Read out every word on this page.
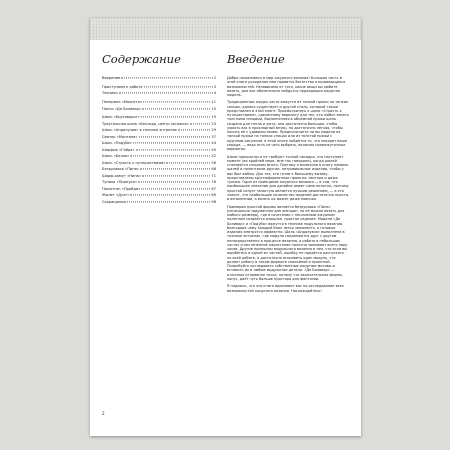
Содержание
Введение	2
Приступаем к работе	3
Техники	4
Пелерина «Мохитто»	11
Пончо «Де Боливар»	15
Шаль «Круговорот»	19
Треугольная шаль «Бесседа, центр затяжка»	23
Шаль «Андалузия» в технике энтрелак	29
Свитер «Монтана»	37
Шаль «Падуба»	44
Шарфик «Гейра»	50
Шаль «Белая»	52
Шаль «Страсть к путешествиям»	56
Безрукавка «Пина»	66
Шарф-хомут «Нина»	71
Туника «Прилуки»	78
Палантин «Пройди»	87
Жилет «Дуэт»	89
Сокращения	96
Введение

Добро пожаловать в мир ажурного вязания! Большая часть в этой книге рукоделия мне нравится богатство открывающихся возможностей. Независимо от того, какие вещи вы любите вязать, для вас обязательно найдутся подходящая ажурная модель.

Традиционные ажуры часто вяжутся из тонкой пряжи на тонких спицах, однако существует и другой стиль, который также представлен в этой книге. Присмотритесь к шали «Страсть к путешествиям», сделанному варианту для тех, кто любит вязать толстыми спицами. Выполненная в объёмной пряжи шаль создана для тепла и уюта, она достаточно большая, чтобы укрыть вас в прохладный вечер, но достаточно лёгкая, чтобы носить её с удовольствием. Предпочитаете ли вы модели из тонкой пряжи на тонких спицах или из толстой пряжи с крупным рисунком, в этой книге найдётся то, что покорит ваше сердце, — ведь есть из чего выбрать, включая промежуточные варианты.

Шали прекрасны и не требуют точной посадки, это наступает момент (во крайней мере, мне так говорили), когда шалей становится слишком много. Поэтому я включила в книгу помимо шалей и палантинов другие, нетривиальные изделия, чтобы у вас был выбор. Для тех, кто готов к большему вызову, представлены крупноформатные проекты: свитера и даже туника. Один из принципов ажурного вязания — в том, что наибольшее значение для дизайна имеет само полотно, поэтому простой силуэт зачастую является лучшим решением, — а это значит, что наибольшее количество моделей достаточно просты в исполнении, а вязать их может даже новичок.

Примером простой формы является безрукавка «Пина» (изначально задуманная для женщин, но её можно вязать для любого размера), где в сочетании с несложным ажурным полотном создаётся изящное, простое изделие. Модели «Де Боливар» и «Падуба» вяжутся в технике модульного вязания, благодаря чему каждый блок легко запомнить, а готовые изделия смотрятся эффектно. Шаль «Андалузия» выполнена в технике энтрелак, где модули соединяются друг с другом непосредственно в процессе вязания, а работа в небольших частях и постепенное нарастание полотна занимают всего пару часов. Другие принципы модульного вязания в том, что если вы ошибётесь в одной из частей, ошибку не придётся распускать по всей работе, а достаточно исправить один модуль, что делает работу в таком формате спокойной и приятной. Попробуйте исследовать собственные ажурные мотивы и вставить их в любые модульные детали. «Де Боливар» — отличная отправная точка, потому что окончательная форма, конус, даёт чуть больше простора для фантазии.

Я надеюсь, что эта книга вдохновит вас на исследование всех возможностей ажурного вязания. Наслаждайтесь!

2
